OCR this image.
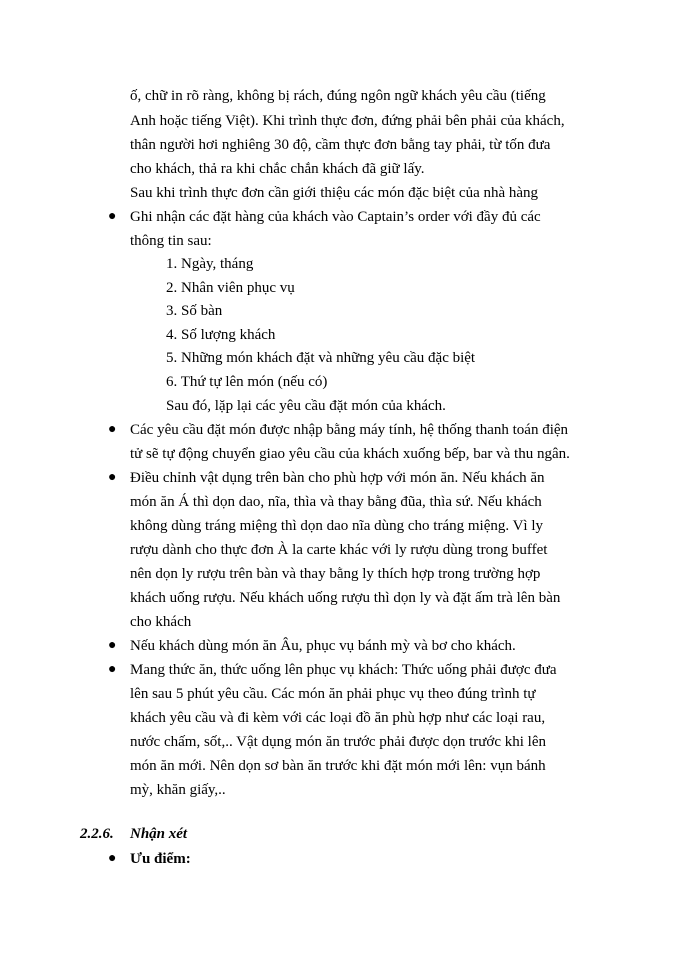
ố, chữ in rõ ràng, không bị rách, đúng ngôn ngữ khách yêu cầu (tiếng
Anh hoặc tiếng Việt). Khi trình thực đơn, đứng phải bên phải của khách,
thân người hơi nghiêng 30 độ, cầm thực đơn bằng tay phải, từ tốn đưa
cho khách, thả ra khi chắc chắn khách đã giữ lấy.
Sau khi trình thực đơn cần giới thiệu các món đặc biệt của nhà hàng
● Ghi nhận các đặt hàng của khách vào Captain’s order với đầy đủ các
thông tin sau:
1. Ngày, tháng
2. Nhân viên phục vụ
3. Số bàn
4. Số lượng khách
5. Những món khách đặt và những yêu cầu đặc biệt
6. Thứ tự lên món (nếu có)
Sau đó, lặp lại các yêu cầu đặt món của khách.
● Các yêu cầu đặt món được nhập bằng máy tính, hệ thống thanh toán điện
tử sẽ tự động chuyển giao yêu cầu của khách xuống bếp, bar và thu ngân.
● Điều chỉnh vật dụng trên bàn cho phù hợp với món ăn. Nếu khách ăn
món ăn Á thì dọn dao, nĩa, thìa và thay bằng đũa, thìa sứ. Nếu khách
không dùng tráng miệng thì dọn dao nĩa dùng cho tráng miệng. Vì ly
rượu dành cho thực đơn À la carte khác với ly rượu dùng trong buffet
nên dọn ly rượu trên bàn và thay bằng ly thích hợp trong trường hợp
khách uống rượu. Nếu khách uống rượu thì dọn ly và đặt ấm trà lên bàn
cho khách
● Nếu khách dùng món ăn Âu, phục vụ bánh mỳ và bơ cho khách.
● Mang thức ăn, thức uống lên phục vụ khách: Thức uống phải được đưa
lên sau 5 phút yêu cầu. Các món ăn phải phục vụ theo đúng trình tự
khách yêu cầu và đi kèm với các loại đồ ăn phù hợp như các loại rau,
nước chấm, sốt,.. Vật dụng món ăn trước phải được dọn trước khi lên
món ăn mới. Nên dọn sơ bàn ăn trước khi đặt món mới lên: vụn bánh
mỳ, khăn giấy,..
2.2.6. Nhận xét
● Ưu điểm:
